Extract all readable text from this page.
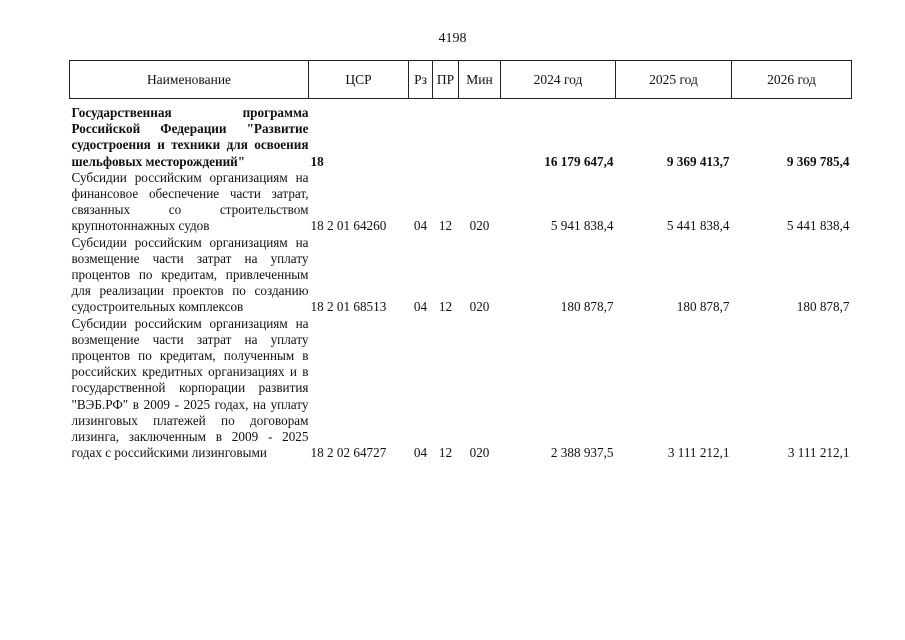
4198
Наименование	ЦСР	Рз	ПР	Мин	2024 год	2025 год	2026 год
Государственная программа Российской Федерации "Развитие судостроения и техники для освоения шельфовых месторождений"	18				16 179 647,4	9 369 413,7	9 369 785,4
Субсидии российским организациям на финансовое обеспечение части затрат, связанных со строительством крупнотоннажных судов	18 2 01 64260	04	12	020	5 941 838,4	5 441 838,4	5 441 838,4
Субсидии российским организациям на возмещение части затрат на уплату процентов по кредитам, привлеченным для реализации проектов по созданию судостроительных комплексов	18 2 01 68513	04	12	020	180 878,7	180 878,7	180 878,7
Субсидии российским организациям на возмещение части затрат на уплату процентов по кредитам, полученным в российских кредитных организациях и в государственной корпорации развития "ВЭБ.РФ" в 2009 - 2025 годах, на уплату лизинговых платежей по договорам лизинга, заключенным в 2009 - 2025 годах с российскими лизинговыми	18 2 02 64727	04	12	020	2 388 937,5	3 111 212,1	3 111 212,1
